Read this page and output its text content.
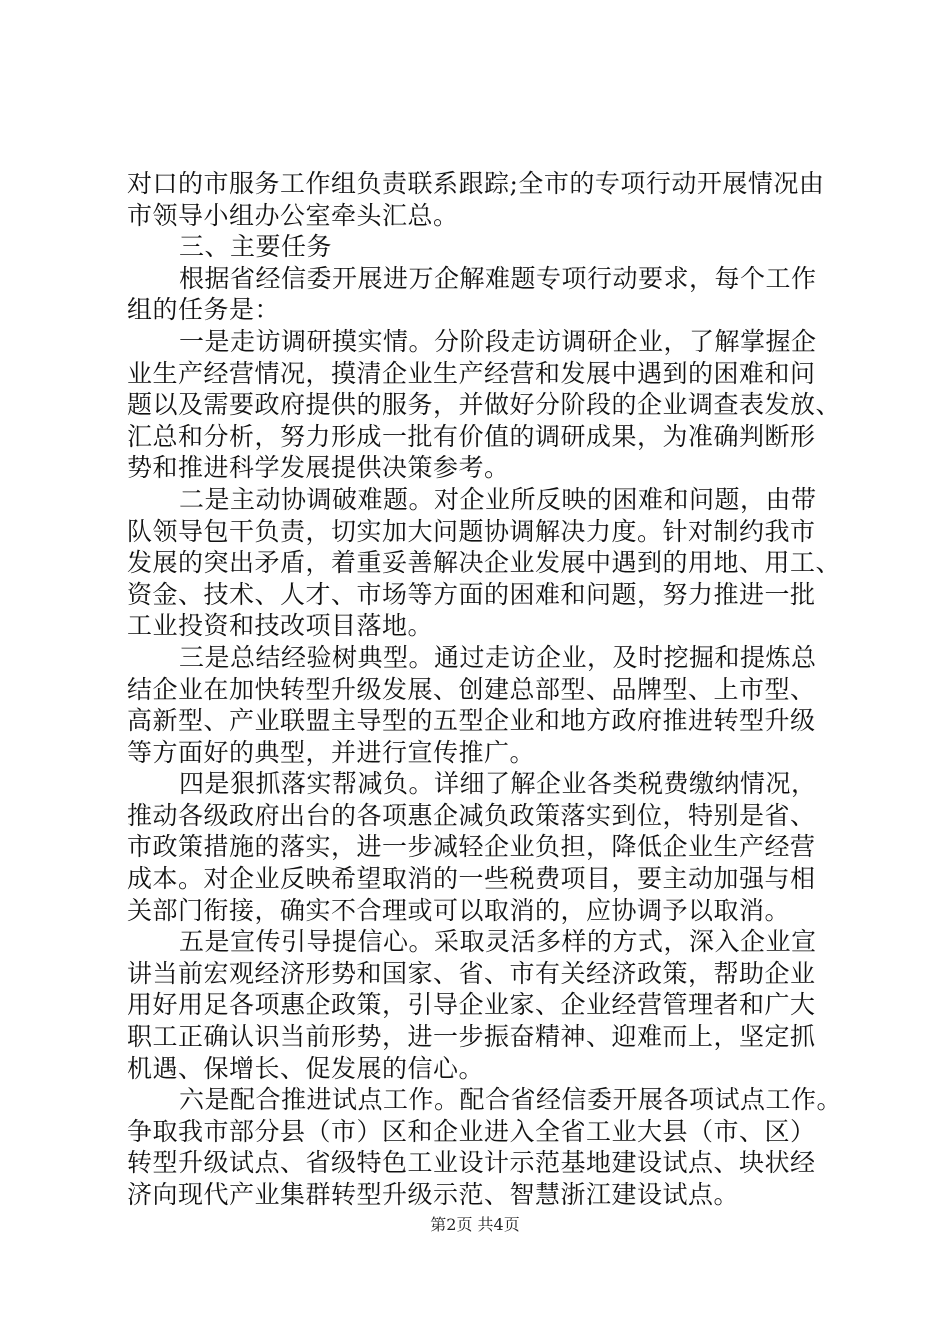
对口的市服务工作组负责联系跟踪;全市的专项行动开展情况由
市领导小组办公室牵头汇总。
三、主要任务
根据省经信委开展进万企解难题专项行动要求，每个工作
组的任务是：
一是走访调研摸实情。分阶段走访调研企业，了解掌握企
业生产经营情况，摸清企业生产经营和发展中遇到的困难和问
题以及需要政府提供的服务，并做好分阶段的企业调查表发放、
汇总和分析，努力形成一批有价值的调研成果，为准确判断形
势和推进科学发展提供决策参考。
二是主动协调破难题。对企业所反映的困难和问题，由带
队领导包干负责，切实加大问题协调解决力度。针对制约我市
发展的突出矛盾，着重妥善解决企业发展中遇到的用地、用工、
资金、技术、人才、市场等方面的困难和问题，努力推进一批
工业投资和技改项目落地。
三是总结经验树典型。通过走访企业，及时挖掘和提炼总
结企业在加快转型升级发展、创建总部型、品牌型、上市型、
高新型、产业联盟主导型的五型企业和地方政府推进转型升级
等方面好的典型，并进行宣传推广。
四是狠抓落实帮减负。详细了解企业各类税费缴纳情况，
推动各级政府出台的各项惠企减负政策落实到位，特别是省、
市政策措施的落实，进一步减轻企业负担，降低企业生产经营
成本。对企业反映希望取消的一些税费项目，要主动加强与相
关部门衔接，确实不合理或可以取消的，应协调予以取消。
五是宣传引导提信心。采取灵活多样的方式，深入企业宣
讲当前宏观经济形势和国家、省、市有关经济政策，帮助企业
用好用足各项惠企政策，引导企业家、企业经营管理者和广大
职工正确认识当前形势，进一步振奋精神、迎难而上，坚定抓
机遇、保增长、促发展的信心。
六是配合推进试点工作。配合省经信委开展各项试点工作。
争取我市部分县（市）区和企业进入全省工业大县（市、区）
转型升级试点、省级特色工业设计示范基地建设试点、块状经
济向现代产业集群转型升级示范、智慧浙江建设试点。
第2页 共4页
